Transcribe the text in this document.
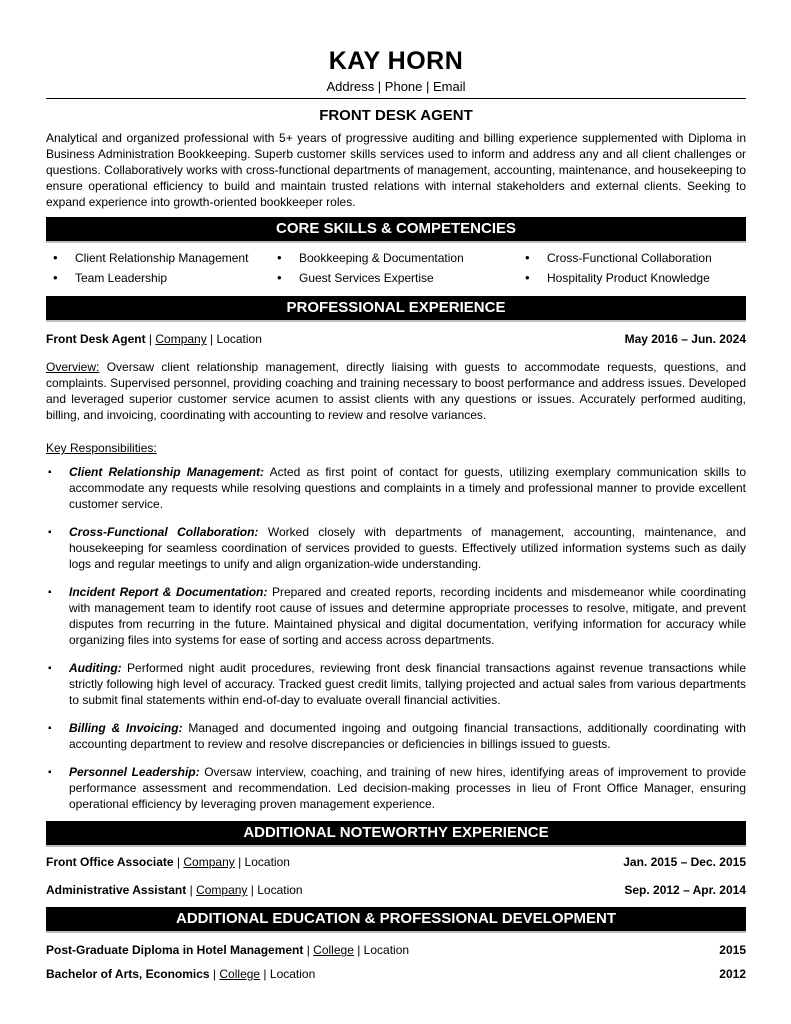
KAY HORN
Address | Phone | Email
FRONT DESK AGENT
Analytical and organized professional with 5+ years of progressive auditing and billing experience supplemented with Diploma in Business Administration Bookkeeping. Superb customer skills services used to inform and address any and all client challenges or questions. Collaboratively works with cross-functional departments of management, accounting, maintenance, and housekeeping to ensure operational efficiency to build and maintain trusted relations with internal stakeholders and external clients. Seeking to expand experience into growth-oriented bookkeeper roles.
CORE SKILLS & COMPETENCIES
• Client Relationship Management
• Team Leadership
• Bookkeeping & Documentation
• Guest Services Expertise
• Cross-Functional Collaboration
• Hospitality Product Knowledge
PROFESSIONAL EXPERIENCE
Front Desk Agent | Company | Location	May 2016 – Jun. 2024
Overview: Oversaw client relationship management, directly liaising with guests to accommodate requests, questions, and complaints. Supervised personnel, providing coaching and training necessary to boost performance and address issues. Developed and leveraged superior customer service acumen to assist clients with any questions or issues. Accurately performed auditing, billing, and invoicing, coordinating with accounting to review and resolve variances.
Key Responsibilities:
▪ Client Relationship Management: Acted as first point of contact for guests, utilizing exemplary communication skills to accommodate any requests while resolving questions and complaints in a timely and professional manner to provide excellent customer service.
▪ Cross-Functional Collaboration: Worked closely with departments of management, accounting, maintenance, and housekeeping for seamless coordination of services provided to guests. Effectively utilized information systems such as daily logs and regular meetings to unify and align organization-wide understanding.
▪ Incident Report & Documentation: Prepared and created reports, recording incidents and misdemeanor while coordinating with management team to identify root cause of issues and determine appropriate processes to resolve, mitigate, and prevent disputes from recurring in the future. Maintained physical and digital documentation, verifying information for accuracy while organizing files into systems for ease of sorting and access across departments.
▪ Auditing: Performed night audit procedures, reviewing front desk financial transactions against revenue transactions while strictly following high level of accuracy. Tracked guest credit limits, tallying projected and actual sales from various departments to submit final statements within end-of-day to evaluate overall financial activities.
▪ Billing & Invoicing: Managed and documented ingoing and outgoing financial transactions, additionally coordinating with accounting department to review and resolve discrepancies or deficiencies in billings issued to guests.
▪ Personnel Leadership: Oversaw interview, coaching, and training of new hires, identifying areas of improvement to provide performance assessment and recommendation. Led decision-making processes in lieu of Front Office Manager, ensuring operational efficiency by leveraging proven management experience.
ADDITIONAL NOTEWORTHY EXPERIENCE
Front Office Associate | Company | Location	Jan. 2015 – Dec. 2015
Administrative Assistant | Company | Location	Sep. 2012 – Apr. 2014
ADDITIONAL EDUCATION & PROFESSIONAL DEVELOPMENT
Post-Graduate Diploma in Hotel Management | College | Location	2015
Bachelor of Arts, Economics | College | Location	2012
